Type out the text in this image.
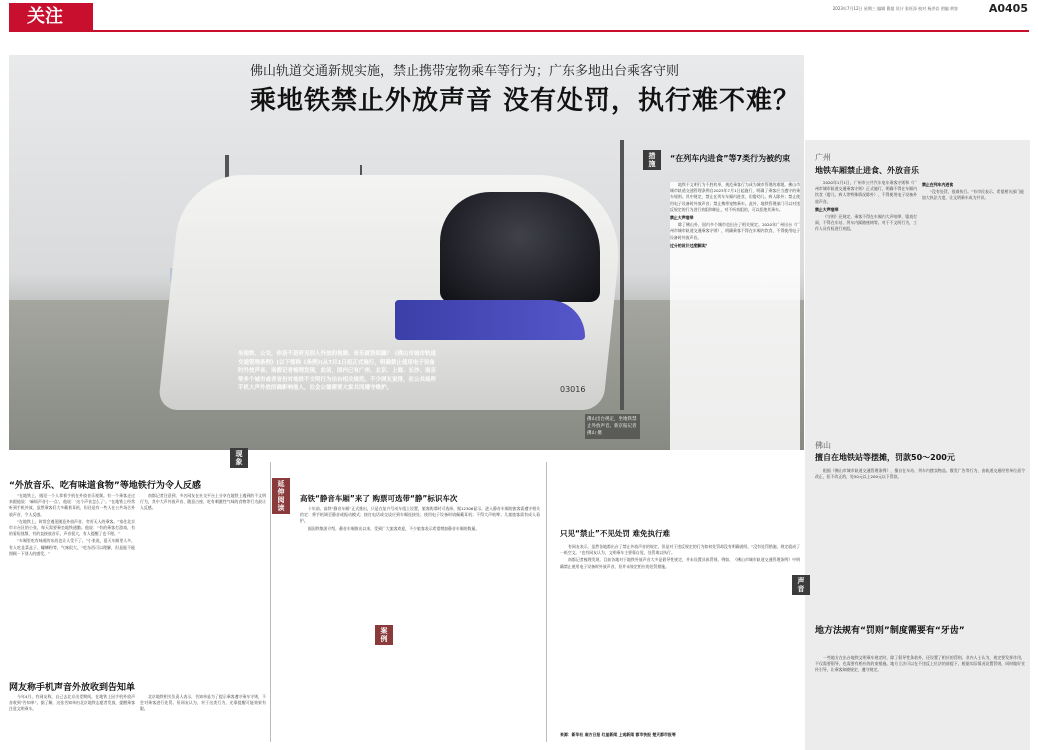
关注	2023年7月12日 星期三 编辑 曹超 设计 张旺添 校对 杨洪岩 图编 黄容	A0405
03016
佛山轨道交通新规实施，禁止携带宠物乘车等行为；广东多地出台乘客守则
乘地铁禁止外放声音 没有处罚，执行难不难？
坐地铁、公交，你是不是听见别人外放的视频、音乐就很烦躁？《佛山市城市轨道交通管理条例》(以下简称《条例》)从7月1日起正式施行，明确禁止使用电子设备时外放声音。南都记者梳理发现，此前，国内已有广州、北京、上海、长沙、南京等多个城市或者省份对地铁不文明行为出台相关规范。不少网友觉得，在公共场所手机大声外放的确影响他人，社会公德需要大家共同遵守维护。
佛山出台规定，坐地铁禁止外放声音。新京报记者 佛山 摄
现象
“外放音乐、吃有味道食物”等地铁行为令人反感

“在地铁上，遇见一个人拿着手机在外放音乐视频。有一个乘客走过来跟他说：‘麻烦声音小一点’，他说：‘这个声音怎么了’。”在地铁上经常听到手机外放，虽然乘客们大多戴着耳机，但还是有一些人在公共场合外放声音，令人反感。

“在地铁上，时常会遇见随意外放声音、旁若无人的乘客。”家住北京市丰台区的小张，每天需要乘坐地铁通勤。他说：“有的乘客打游戏，有的看短视频，有的直接放音乐，声音很大，有人提醒了也不理。”

“车厢里吃有味道的东西也让人受不了。”小张说，夏天车厢里人多，有人吃韭菜盒子、螺蛳粉等，气味很大。“吃东西可以理解，但是能不能照顾一下别人的感受。”

南都记者注意到，多名网友在社交平台上分享在地铁上遇到的不文明行为，其中大声外放声音、随意占座、吃有刺激性气味的食物等行为最让人反感。

网友称手机声音外放收到告知单

今年4月，有网友称，自己去北京出差期间，在地铁上因手机外放声音收到“告知单”。据了解，这张告知单由北京地铁志愿者发放，提醒乘客注意文明乘车。

北京地铁相关负责人表示，告知单是为了提示乘客遵守乘车守则，不会对乘客进行处罚。但网友认为，对于这类行为，光靠提醒可能效果有限。

延伸阅读	高铁“静音车厢”来了 购票可选带“静”标识车次

十年前，高铁“静音车厢”正式推出，只是在复兴号动车组上设置，旅客购票时可选择。据12306显示，进入静音车厢的旅客需遵守相关约定：将手机调至静音或振动模式；接打电话或交谈应到车厢连接处；使用电子设备时请佩戴耳机；不得大声喧哗；儿童旅客需有成人看护。

据国铁集团介绍，静音车厢推出以来，受到广大旅客欢迎，不少旅客表示希望增加静音车厢的数量。

案例
只见“禁止”不见处罚 难免执行难

有网友表示，虽然各地都出台了禁止外放声音的规定，但是对于违反规定的行为如何处罚却没有明确说明。“没有处罚措施，规定就成了一纸空文。”也有网友认为，文明乘车主要靠自觉，处罚难以执行。

南都记者梳理发现，目前各地对于地铁外放声音大多是倡导性规定，并未设置具体罚则。例如，《佛山市城市轨道交通管理条例》中明确禁止使用电子设备时外放声音，但并未规定相应的处罚措施。

来源：新华社 南方日报 红星新闻 上观新闻 都市快报 楚天都市报等
措施	“在列车内进食”等7类行为被约束

地铁不文明行为不胜枚举，规范乘客行为成为城市管理的难题。佛山市城市轨道交通管理条例自2023年7月1日起施行，明确了乘客应当遵守的乘车规则。其中规定，禁止在列车车厢内进食，但婴幼儿、病人除外；禁止使用电子设备时外放声音；禁止携带宠物乘车。此外，地铁管理部门可以对违反规定的行为进行劝阻和制止，对不听劝阻的，可以拒绝其乘车。

禁止大声喧哗

除了佛山外，国内多个城市也出台了相关规定。2020年广州出台《广州市城市轨道交通乘客守则》，明确乘客不得在车厢内饮食，不得使用电子设备时外放声音。

过分的设计过度解读？

广州
地铁车厢禁止进食、外放音乐

2020年1月1日，广州市公共汽车电车乘客守则和《广州市城市轨道交通乘客守则》正式施行，明确不得在车厢内饮食（婴儿、病人等特殊情况除外），不得使用电子设备外放声音。

禁止大声喧哗

《守则》还规定，乘客不得在车厢内大声喧哗、嬉戏打闹，不得在车站、列车内踩踏座椅等。对于不文明行为，工作人员有权进行劝阻。

禁止在列车内进食

“没有处罚，很难执行。”有市民表示，希望相关部门能加大执法力度，让文明乘车成为共识。

佛山
擅自在地铁站等摆摊，罚款50～200元

根据《佛山市城市轨道交通管理条例》，擅自在车站、列车内摆卖物品、散发广告等行为，由轨道交通经营单位责令改正，拒不改正的，处50元以上200元以下罚款。

声音
地方法规有“罚则”制度需要有“牙齿”

一些地方在出台地铁文明乘车规定时，除了倡导性条款外，还设置了相应的罚则。业内人士认为，规定要发挥作用，不仅需要倡导，也需要有相应的约束措施。地方立法可以在不违反上位法的前提下，根据实际情况设置罚则，同时做好宣传引导，让乘客知晓规定、遵守规定。
